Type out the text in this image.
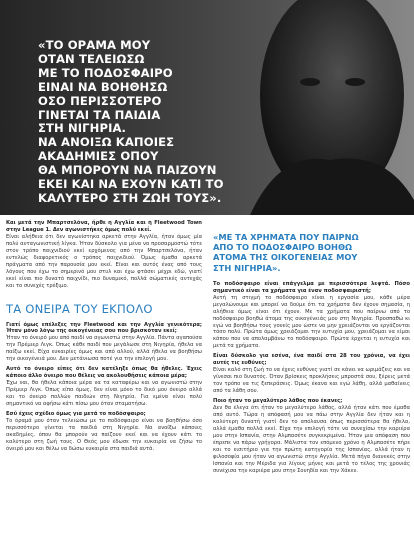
«ΤΟ ΟΡΑΜΑ ΜΟΥ
ΟΤΑΝ ΤΕΛΕΙΩΣΩ
ΜΕ ΤΟ ΠΟΔΟΣΦΑΙΡΟ
ΕΙΝΑΙ ΝΑ ΒΟΗΘΗΣΩ
ΟΣΟ ΠΕΡΙΣΣΟΤΕΡΟ
ΓΙΝΕΤΑΙ ΤΑ ΠΑΙΔΙΑ
ΣΤΗ ΝΙΓΗΡΙΑ.
ΝΑ ΑΝΟΙΞΩ ΚΑΠΟΙΕΣ
ΑΚΑΔΗΜΙΕΣ ΟΠΟΥ
ΘΑ ΜΠΟΡΟΥΝ ΝΑ ΠΑΙΖΟΥΝ
ΕΚΕΙ ΚΑΙ ΝΑ ΕΧΟΥΝ ΚΑΤΙ ΤΟ
ΚΑΛΥΤΕΡΟ ΣΤΗ ΖΩΗ ΤΟΥΣ».

Και μετά την Μπαρτσελόνα, ήρθε η Αγγλία και η Fleetwood Town στην League 1. Δεν αγωνιστήκες όμως πολύ εκεί.

Είναι αλήθεια ότι δεν αγωνίστηκα αρκετά στην Αγγλία, ήταν όμως μία πολύ ανταγωνιστική λίγκα. Ήταν δύσκολο για μένα να προσαρμοστώ τότε στον τρόπο παιχνιδιού εκεί ερχόμενος από την Μπαρτσελόνα, ήταν εντελώς διαφορετικός ο τρόπος παιχνιδιού. Όμως έμαθα αρκετά πράγματα από την παρουσία μου εκεί. Είναι και αυτός ένας από τους λόγους που έχω το σημερινό μου στυλ και έχω φτάσει μέχρι εδώ, γιατί εκεί είναι πιο δυνατό παιχνίδι, πιο δυναμικό, πολλά σώματικές αντεχάς και το συνεχές τρέξιμο.

ΤΑ ΟΝΕΙΡΑ ΤΟΥ ΕΚΠΟΛΟ

Γιατί όμως επέλεξες την Fleetwood και την Αγγλία γενικότερα; Ήταν μόνο λόγω της οικογένειας σου που βρισκόταν εκεί;

Ήταν το όνειρό μου από παιδί να αγωνιστώ στην Αγγλία. Πάντα αγαπούσα την Πρέμιερ Λιγκ. Όπως κάθε παιδί που μεγάλωσε στη Νιγηρία, ήθελα να παίξω εκεί. Είχα ευκαιρίες όμως και από αλλού, αλλά ήθελα να βοηθήσω την οικογένειά μου. Δεν μετάνιωσα ποτέ για την επιλογή μου.

Αυτό το όνειρο είπες ότι δεν κατέληξε όπως θα ήθελες. Έχεις κάποιο άλλο όνειρο που θέλεις να ακολουθήσεις κάποια μέρα;

Έχω ναι, θα ήθελα κάποια μέρα να τα καταφέρω και να αγωνιστώ στην Πρέμιερ Λιγκ. Όπως είπα όμως, δεν είναι μόνο το δικό μου όνειρο αλλά και το όνειρο πολλών παιδιών στη Νιγηρία. Για εμένα είναι πολύ σημαντικό να αφήσω κάτι πίσω μου όταν σταματήσω.

Εσύ έχεις σχέδιο όμως για μετά το ποδόσφαιρο;

Το όραμά μου όταν τελειώσω με το ποδόσφαιρο είναι να βοηθήσω όσο περισσότερο γίνεται τα παιδιά στη Νιγηρία. Να ανοίξω κάποιες ακαδημίες, όπου θα μπορούν να παίζουν εκεί και να έχουν κάτι το καλύτερο στη ζωή τους. Ο Θεός μου έδωσε την ευκαιρία να ζήσω το όνειρό μου και θέλω να δώσω ευκαιρία στα παιδιά αυτά.

«ΜΕ ΤΑ ΧΡΗΜΑΤΑ ΠΟΥ ΠΑΙΡΝΩ
ΑΠΟ ΤΟ ΠΟΔΟΣΦΑΙΡΟ ΒΟΗΘΩ
ΑΤΟΜΑ ΤΗΣ ΟΙΚΟΓΕΝΕΙΑΣ ΜΟΥ
ΣΤΗ ΝΙΓΗΡΙΑ».

Το ποδόσφαιρο είναι επάγγελμα με περισσότερα λεφτά. Πόσο σημαντικό είναι τα χρήματα για έναν ποδοσφαιριστή;

Αυτή τη στιγμή το ποδόσφαιρο είναι η εργασία μου, κάθε μέρα μεγαλώνουμε και μπορεί να δούμε ότι τα χρήματα δεν έχουν σημασία, η αλήθεια όμως είναι ότι έχουν. Με τα χρήματα που παίρνω από το ποδόσφαιρο βοηθώ άτομα της οικογένειάς μου στη Νιγηρία. Προσπαθώ κι εγώ να βοηθήσω τους γονείς μου ώστε να μην χρειάζονται να εργάζονται τόσο πολύ. Πρώτα όμως χρειάζομαι την ευτυχία μου, χρειάζομαι να είμαι κάπου που να απολαμβάνω το ποδόσφαιρο. Πρώτα έρχεται η ευτυχία και μετά τα χρήματα.

Είναι δύσκολο για εσένα, ένα παιδί στα 28 του χρόνια, να έχει αυτές τις ευθύνες;

Είναι καλό στη ζωή το να έχεις ευθύνες γιατί σε κάνει να ωριμάζεις και να γίνεσαι πιο δυνατός. Όταν βρίσκεις προκλήσεις μπροστά σου, ξέρεις μετά τον τρόπο να τις ξεπεράσεις. Όμως έκανα και εγώ λάθη, αλλά μαθαίνεις από τα λάθη σου.

Ποιο ήταν το μεγαλύτερο λάθος που έκανες;

Δεν θα έλεγα ότι ήταν το μεγαλύτερο λάθος, αλλά ήταν κάτι που έμαθα από αυτό. Τώρα η απόφασή μου να πάω στην Αγγλία δεν ήταν και η καλύτερη δυνατή γιατί δεν το απόλαυσα όπως περισσότερα θα ήθελα, αλλά έμαθα πολλά εκεί. Είχα την επιλογή τότε να συνεχίσω την καριέρα μου στην Ισπανία, στην Αλμπασέτε συγκεκριμένα. Ήταν μια απόφαση που έπρεπε να πάρω γρήγορα. Μάλιστα τον επόμενο χρόνο η Αλμπασέτε πήρε και το εισιτήριο για την πρώτη κατηγορία της Ισπανίας, αλλά ήταν η φιλοσοφία μου ήταν να αγωνιστώ στην Αγγλία. Μετά πήγα διανεκές στην Ισπανία και την Μέριδα για λίγους μήνες και μετά το τέλος της χρονιάς συνέχισα την καριέρα μου στην Σουηδία και την Χάκεν.
